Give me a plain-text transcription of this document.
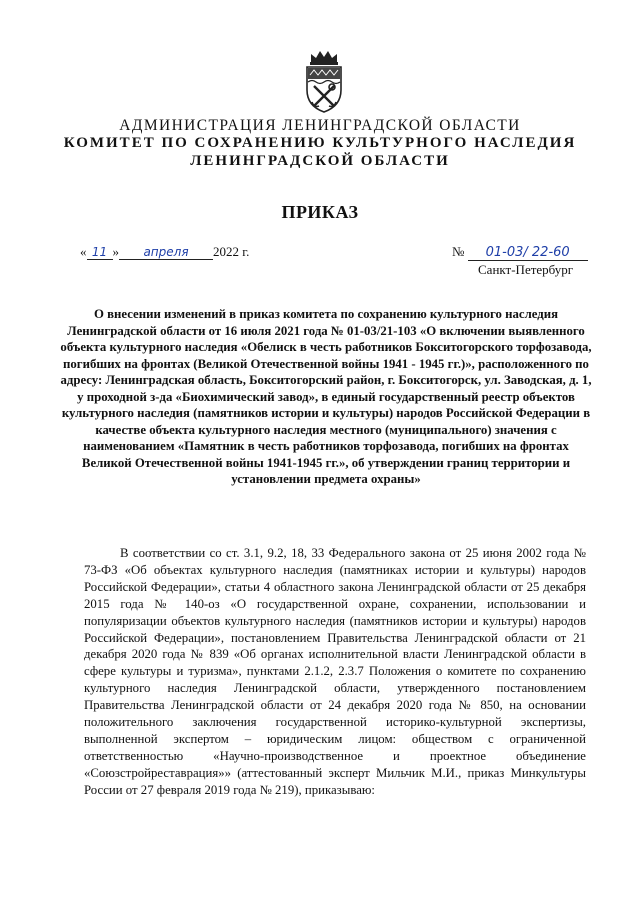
АДМИНИСТРАЦИЯ ЛЕНИНГРАДСКОЙ ОБЛАСТИ
КОМИТЕТ ПО СОХРАНЕНИЮ КУЛЬТУРНОГО НАСЛЕДИЯ
ЛЕНИНГРАДСКОЙ ОБЛАСТИ
ПРИКАЗ
« 11 » апреля 2022 г.	№ 01-03/ 22-60
Санкт-Петербург
О внесении изменений в приказ комитета по сохранению культурного наследия Ленинградской области от 16 июля 2021 года № 01-03/21-103 «О включении выявленного объекта культурного наследия «Обелиск в честь работников Бокситогорского торфозавода, погибших на фронтах (Великой Отечественной войны 1941 - 1945 гг.)», расположенного по адресу: Ленинградская область, Бокситогорский район, г. Бокситогорск, ул. Заводская, д. 1, у проходной з-да «Биохимический завод», в единый государственный реестр объектов культурного наследия (памятников истории и культуры) народов Российской Федерации в качестве объекта культурного наследия местного (муниципального) значения с наименованием «Памятник в честь работников торфозавода, погибших на фронтах Великой Отечественной войны 1941-1945 гг.», об утверждении границ территории и установлении предмета охраны»
В соответствии со ст. 3.1, 9.2, 18, 33 Федерального закона от 25 июня 2002 года № 73-ФЗ «Об объектах культурного наследия (памятниках истории и культуры) народов Российской Федерации», статьи 4 областного закона Ленинградской области от 25 декабря 2015 года № 140-оз «О государственной охране, сохранении, использовании и популяризации объектов культурного наследия (памятников истории и культуры) народов Российской Федерации», постановлением Правительства Ленинградской области от 21 декабря 2020 года № 839 «Об органах исполнительной власти Ленинградской области в сфере культуры и туризма», пунктами 2.1.2, 2.3.7 Положения о комитете по сохранению культурного наследия Ленинградской области, утвержденного постановлением Правительства Ленинградской области от 24 декабря 2020 года № 850, на основании положительного заключения государственной историко-культурной экспертизы, выполненной экспертом – юридическим лицом: обществом с ограниченной ответственностью «Научно-производственное и проектное объединение «Союзстройреставрация»» (аттестованный эксперт Мильчик М.И., приказ Минкультуры России от 27 февраля 2019 года № 219), приказываю:
